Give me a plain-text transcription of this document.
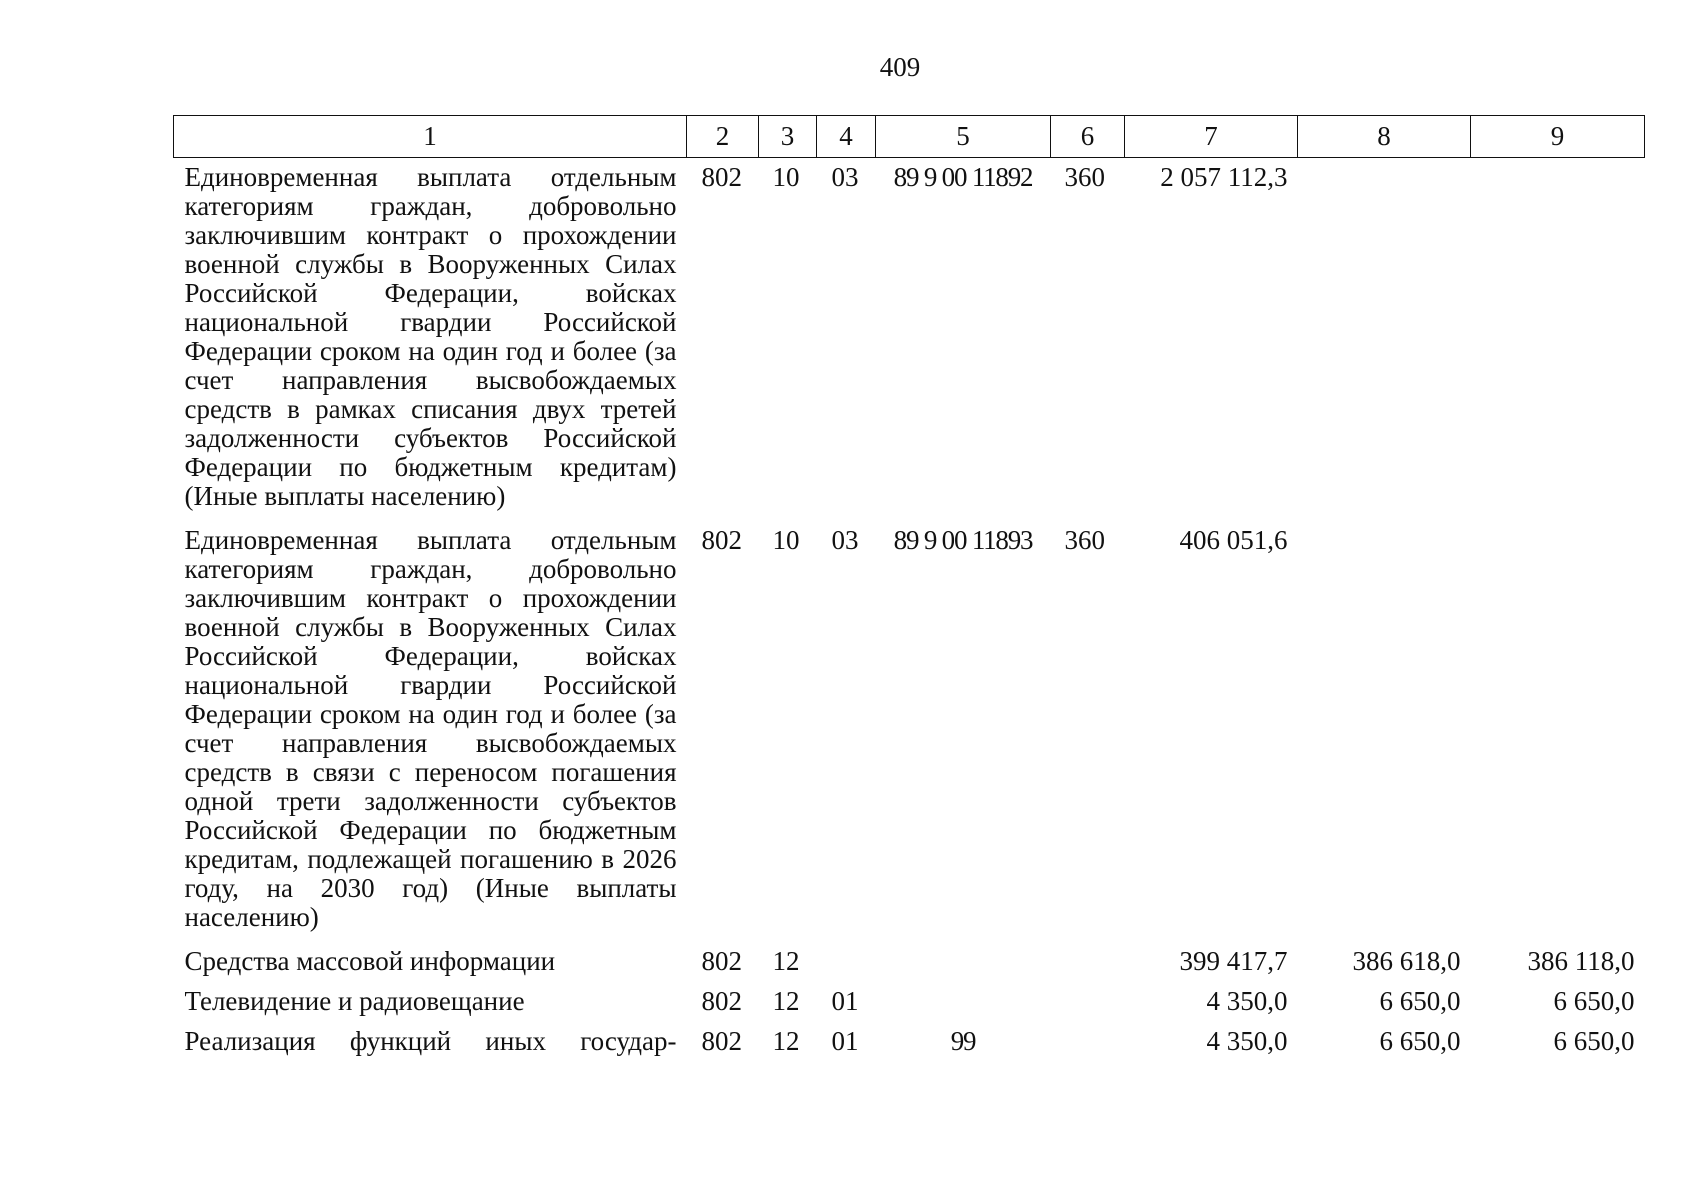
409
1	2	3	4	5	6	7	8	9
Единовременная выплата отдельным категориям граждан, добровольно заключившим контракт о прохождении военной службы в Вооруженных Силах Российской Федерации, войсках национальной гвардии Российской Федерации сроком на один год и более (за счет направления высвобождаемых средств в рамках списания двух третей задолженности субъектов Российской Федерации по бюджетным кредитам) (Иные выплаты населению)	802	10	03	89 9 00 11892	360	2 057 112,3		
Единовременная выплата отдельным категориям граждан, добровольно заключившим контракт о прохождении военной службы в Вооруженных Силах Российской Федерации, войсках национальной гвардии Российской Федерации сроком на один год и более (за счет направления высвобождаемых средств в связи с переносом погашения одной трети задолженности субъектов Российской Федерации по бюджетным кредитам, подлежащей погашению в 2026 году, на 2030 год) (Иные выплаты населению)	802	10	03	89 9 00 11893	360	406 051,6		
Средства массовой информации	802	12				399 417,7	386 618,0	386 118,0
Телевидение и радиовещание	802	12	01			4 350,0	6 650,0	6 650,0
Реализация функций иных государ-	802	12	01	99		4 350,0	6 650,0	6 650,0
